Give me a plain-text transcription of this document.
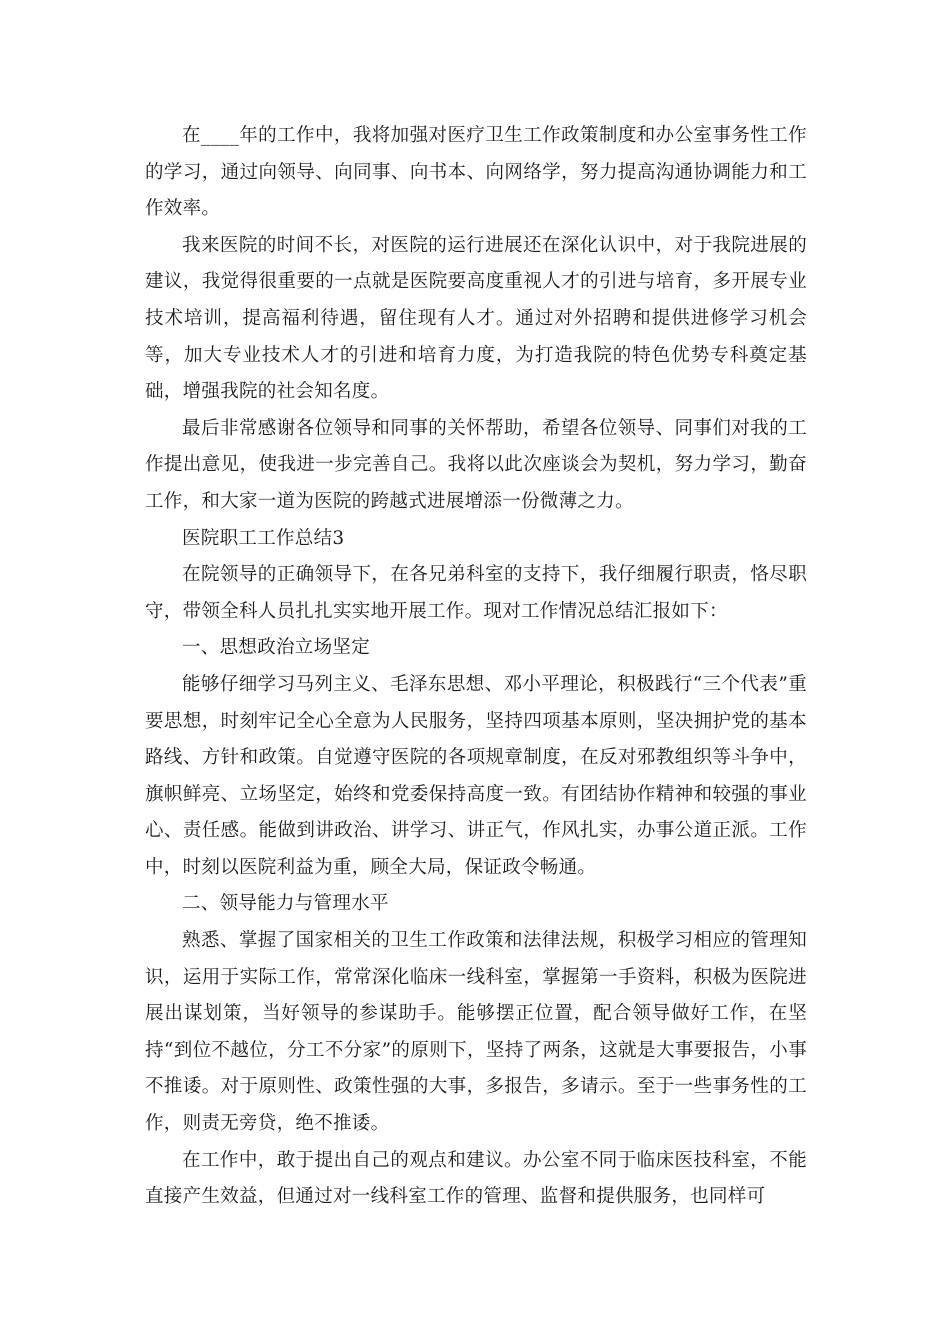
在____年的工作中，我将加强对医疗卫生工作政策制度和办公室事务性工作的学习，通过向领导、向同事、向书本、向网络学，努力提高沟通协调能力和工作效率。

我来医院的时间不长，对医院的运行进展还在深化认识中，对于我院进展的建议，我觉得很重要的一点就是医院要高度重视人才的引进与培育，多开展专业技术培训，提高福利待遇，留住现有人才。通过对外招聘和提供进修学习机会等，加大专业技术人才的引进和培育力度，为打造我院的特色优势专科奠定基础，增强我院的社会知名度。

最后非常感谢各位领导和同事的关怀帮助，希望各位领导、同事们对我的工作提出意见，使我进一步完善自己。我将以此次座谈会为契机，努力学习，勤奋工作，和大家一道为医院的跨越式进展增添一份微薄之力。

医院职工工作总结3

在院领导的正确领导下，在各兄弟科室的支持下，我仔细履行职责，恪尽职守，带领全科人员扎扎实实地开展工作。现对工作情况总结汇报如下：

一、思想政治立场坚定

能够仔细学习马列主义、毛泽东思想、邓小平理论，积极践行“三个代表”重要思想，时刻牢记全心全意为人民服务，坚持四项基本原则，坚决拥护党的基本路线、方针和政策。自觉遵守医院的各项规章制度，在反对邪教组织等斗争中，旗帜鲜亮、立场坚定，始终和党委保持高度一致。有团结协作精神和较强的事业心、责任感。能做到讲政治、讲学习、讲正气，作风扎实，办事公道正派。工作中，时刻以医院利益为重，顾全大局，保证政令畅通。

二、领导能力与管理水平

熟悉、掌握了国家相关的卫生工作政策和法律法规，积极学习相应的管理知识，运用于实际工作，常常深化临床一线科室，掌握第一手资料，积极为医院进展出谋划策，当好领导的参谋助手。能够摆正位置，配合领导做好工作，在坚持“到位不越位，分工不分家”的原则下，坚持了两条，这就是大事要报告，小事不推诿。对于原则性、政策性强的大事，多报告，多请示。至于一些事务性的工作，则责无旁贷，绝不推诿。

在工作中，敢于提出自己的观点和建议。办公室不同于临床医技科室，不能直接产生效益，但通过对一线科室工作的管理、监督和提供服务，也同样可
